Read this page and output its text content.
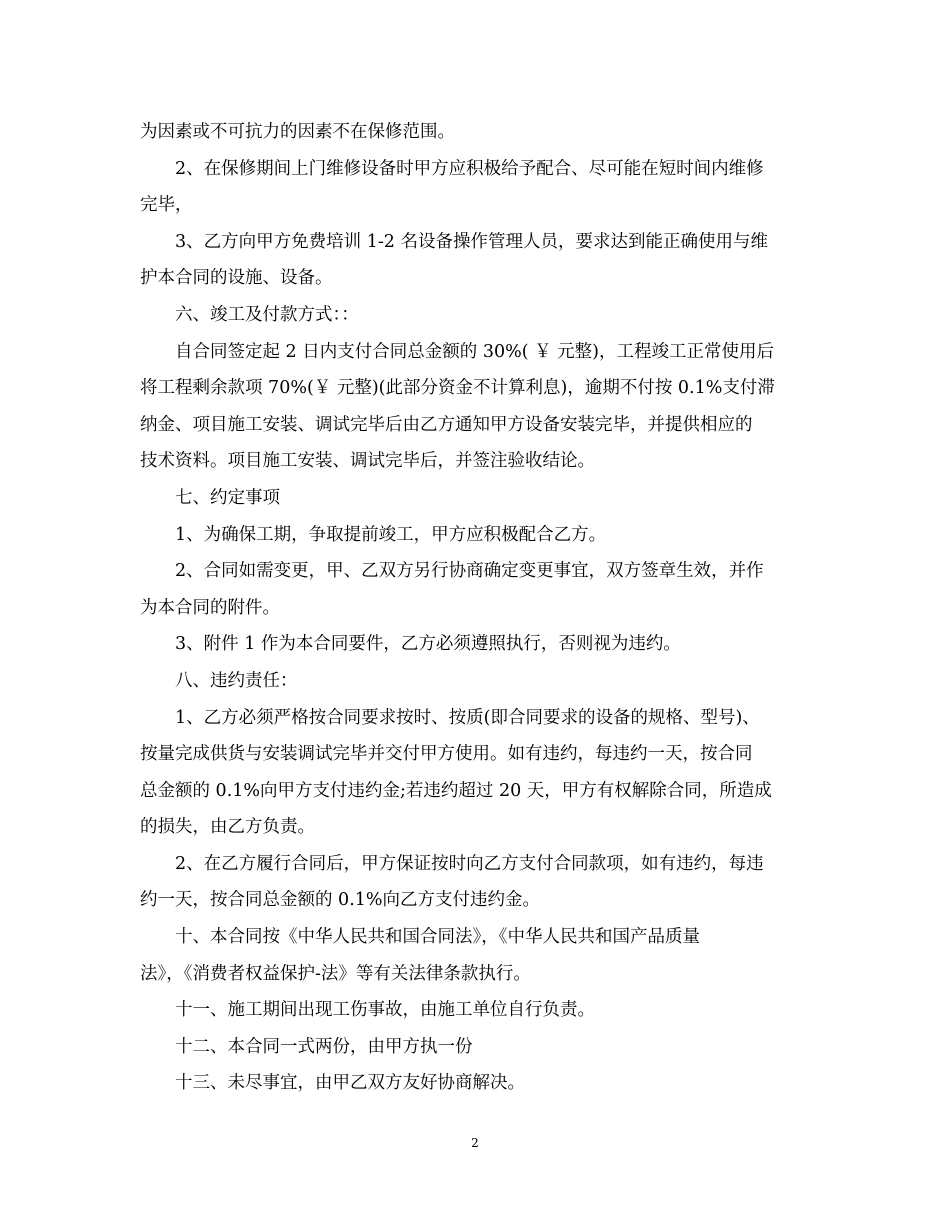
为因素或不可抗力的因素不在保修范围。
2、在保修期间上门维修设备时甲方应积极给予配合、尽可能在短时间内维修
完毕，
3、乙方向甲方免费培训 1-2 名设备操作管理人员，要求达到能正确使用与维
护本合同的设施、设备。
六、竣工及付款方式：：
自合同签定起 2 日内支付合同总金额的 30%( ￥ 元整)，工程竣工正常使用后
将工程剩余款项 70%(￥ 元整)(此部分资金不计算利息)，逾期不付按 0.1%支付滞
纳金、项目施工安装、调试完毕后由乙方通知甲方设备安装完毕，并提供相应的
技术资料。项目施工安装、调试完毕后，并签注验收结论。
七、约定事项
1、为确保工期，争取提前竣工，甲方应积极配合乙方。
2、合同如需变更，甲、乙双方另行协商确定变更事宜，双方签章生效，并作
为本合同的附件。
3、附件 1 作为本合同要件，乙方必须遵照执行，否则视为违约。
八、违约责任：
1、乙方必须严格按合同要求按时、按质(即合同要求的设备的规格、型号)、
按量完成供货与安装调试完毕并交付甲方使用。如有违约，每违约一天，按合同
总金额的 0.1%向甲方支付违约金;若违约超过 20 天，甲方有权解除合同，所造成
的损失，由乙方负责。
2、在乙方履行合同后，甲方保证按时向乙方支付合同款项，如有违约，每违
约一天，按合同总金额的 0.1%向乙方支付违约金。
十、本合同按《中华人民共和国合同法》，《中华人民共和国产品质量
法》，《消费者权益保护-法》等有关法律条款执行。
十一、施工期间出现工伤事故，由施工单位自行负责。
十二、本合同一式两份，由甲方执一份
十三、未尽事宜，由甲乙双方友好协商解决。
2
